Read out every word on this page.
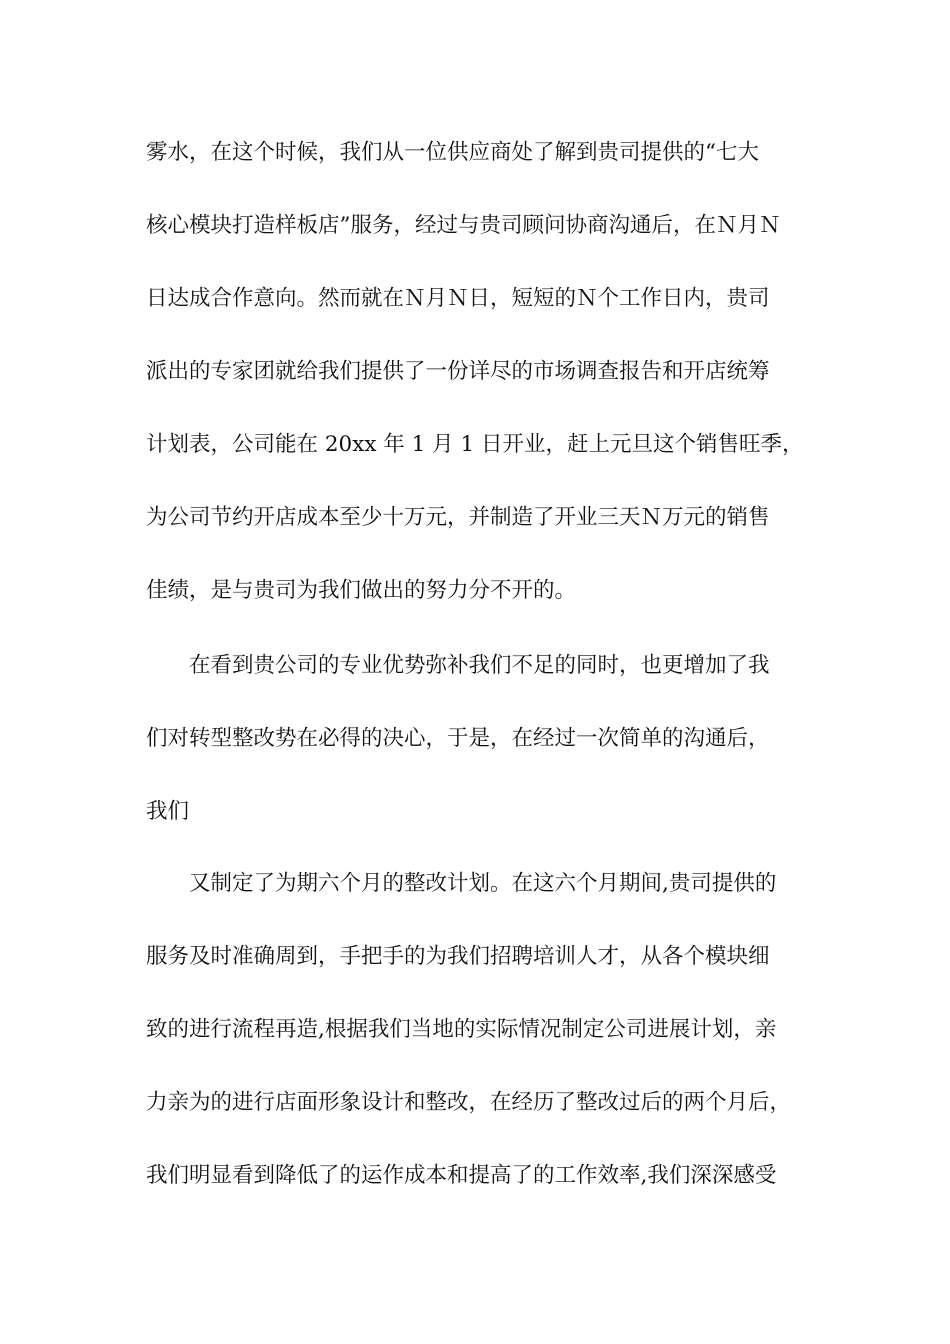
雾水，在这个时候，我们从一位供应商处了解到贵司提供的“七大
核心模块打造样板店”服务，经过与贵司顾问协商沟通后，在Ｎ月Ｎ
日达成合作意向。然而就在Ｎ月Ｎ日，短短的Ｎ个工作日内，贵司
派出的专家团就给我们提供了一份详尽的市场调查报告和开店统筹
计划表，公司能在 20xx 年 1 月 1 日开业，赶上元旦这个销售旺季，
为公司节约开店成本至少十万元，并制造了开业三天Ｎ万元的销售
佳绩，是与贵司为我们做出的努力分不开的。
在看到贵公司的专业优势弥补我们不足的同时，也更增加了我
们对转型整改势在必得的决心，于是，在经过一次简单的沟通后，
我们
又制定了为期六个月的整改计划。在这六个月期间,贵司提供的
服务及时准确周到，手把手的为我们招聘培训人才，从各个模块细
致的进行流程再造,根据我们当地的实际情况制定公司进展计划，亲
力亲为的进行店面形象设计和整改，在经历了整改过后的两个月后，
我们明显看到降低了的运作成本和提高了的工作效率,我们深深感受
